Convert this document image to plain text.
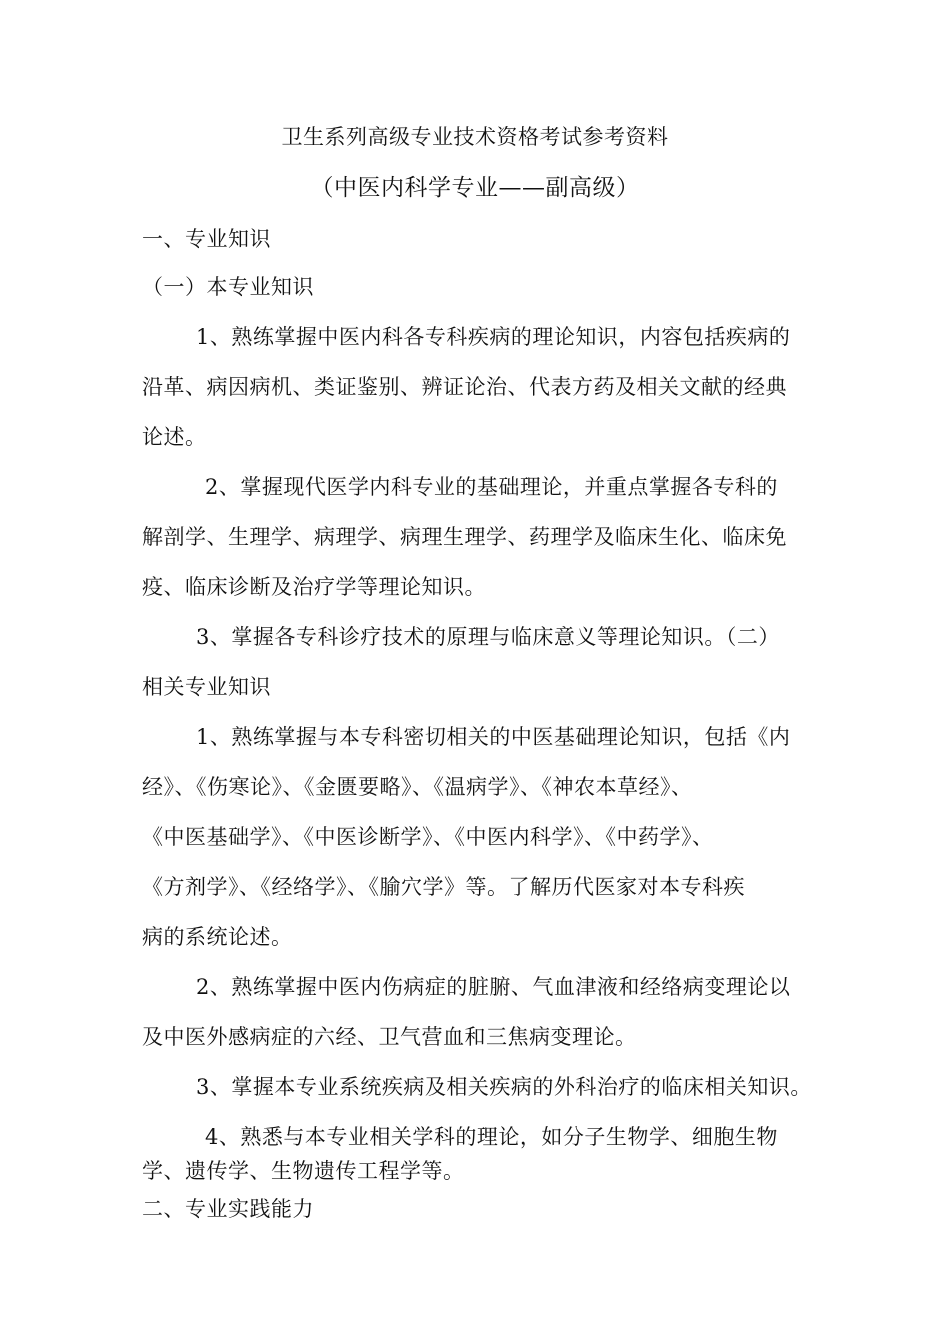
卫生系列高级专业技术资格考试参考资料
（中医内科学专业——副高级）
一、专业知识
（一）本专业知识
1、熟练掌握中医内科各专科疾病的理论知识，内容包括疾病的
沿革、病因病机、类证鉴别、辨证论治、代表方药及相关文献的经典
论述。
2、掌握现代医学内科专业的基础理论，并重点掌握各专科的
解剖学、生理学、病理学、病理生理学、药理学及临床生化、临床免
疫、临床诊断及治疗学等理论知识。
3、掌握各专科诊疗技术的原理与临床意义等理论知识。（二）
相关专业知识
1、熟练掌握与本专科密切相关的中医基础理论知识，包括《内
经》、《伤寒论》、《金匮要略》、《温病学》、《神农本草经》、
《中医基础学》、《中医诊断学》、《中医内科学》、《中药学》、
《方剂学》、《经络学》、《腧穴学》等。了解历代医家对本专科疾
病的系统论述。
2、熟练掌握中医内伤病症的脏腑、气血津液和经络病变理论以
及中医外感病症的六经、卫气营血和三焦病变理论。
3、掌握本专业系统疾病及相关疾病的外科治疗的临床相关知识。
4、熟悉与本专业相关学科的理论，如分子生物学、细胞生物
学、遗传学、生物遗传工程学等。
二、专业实践能力
